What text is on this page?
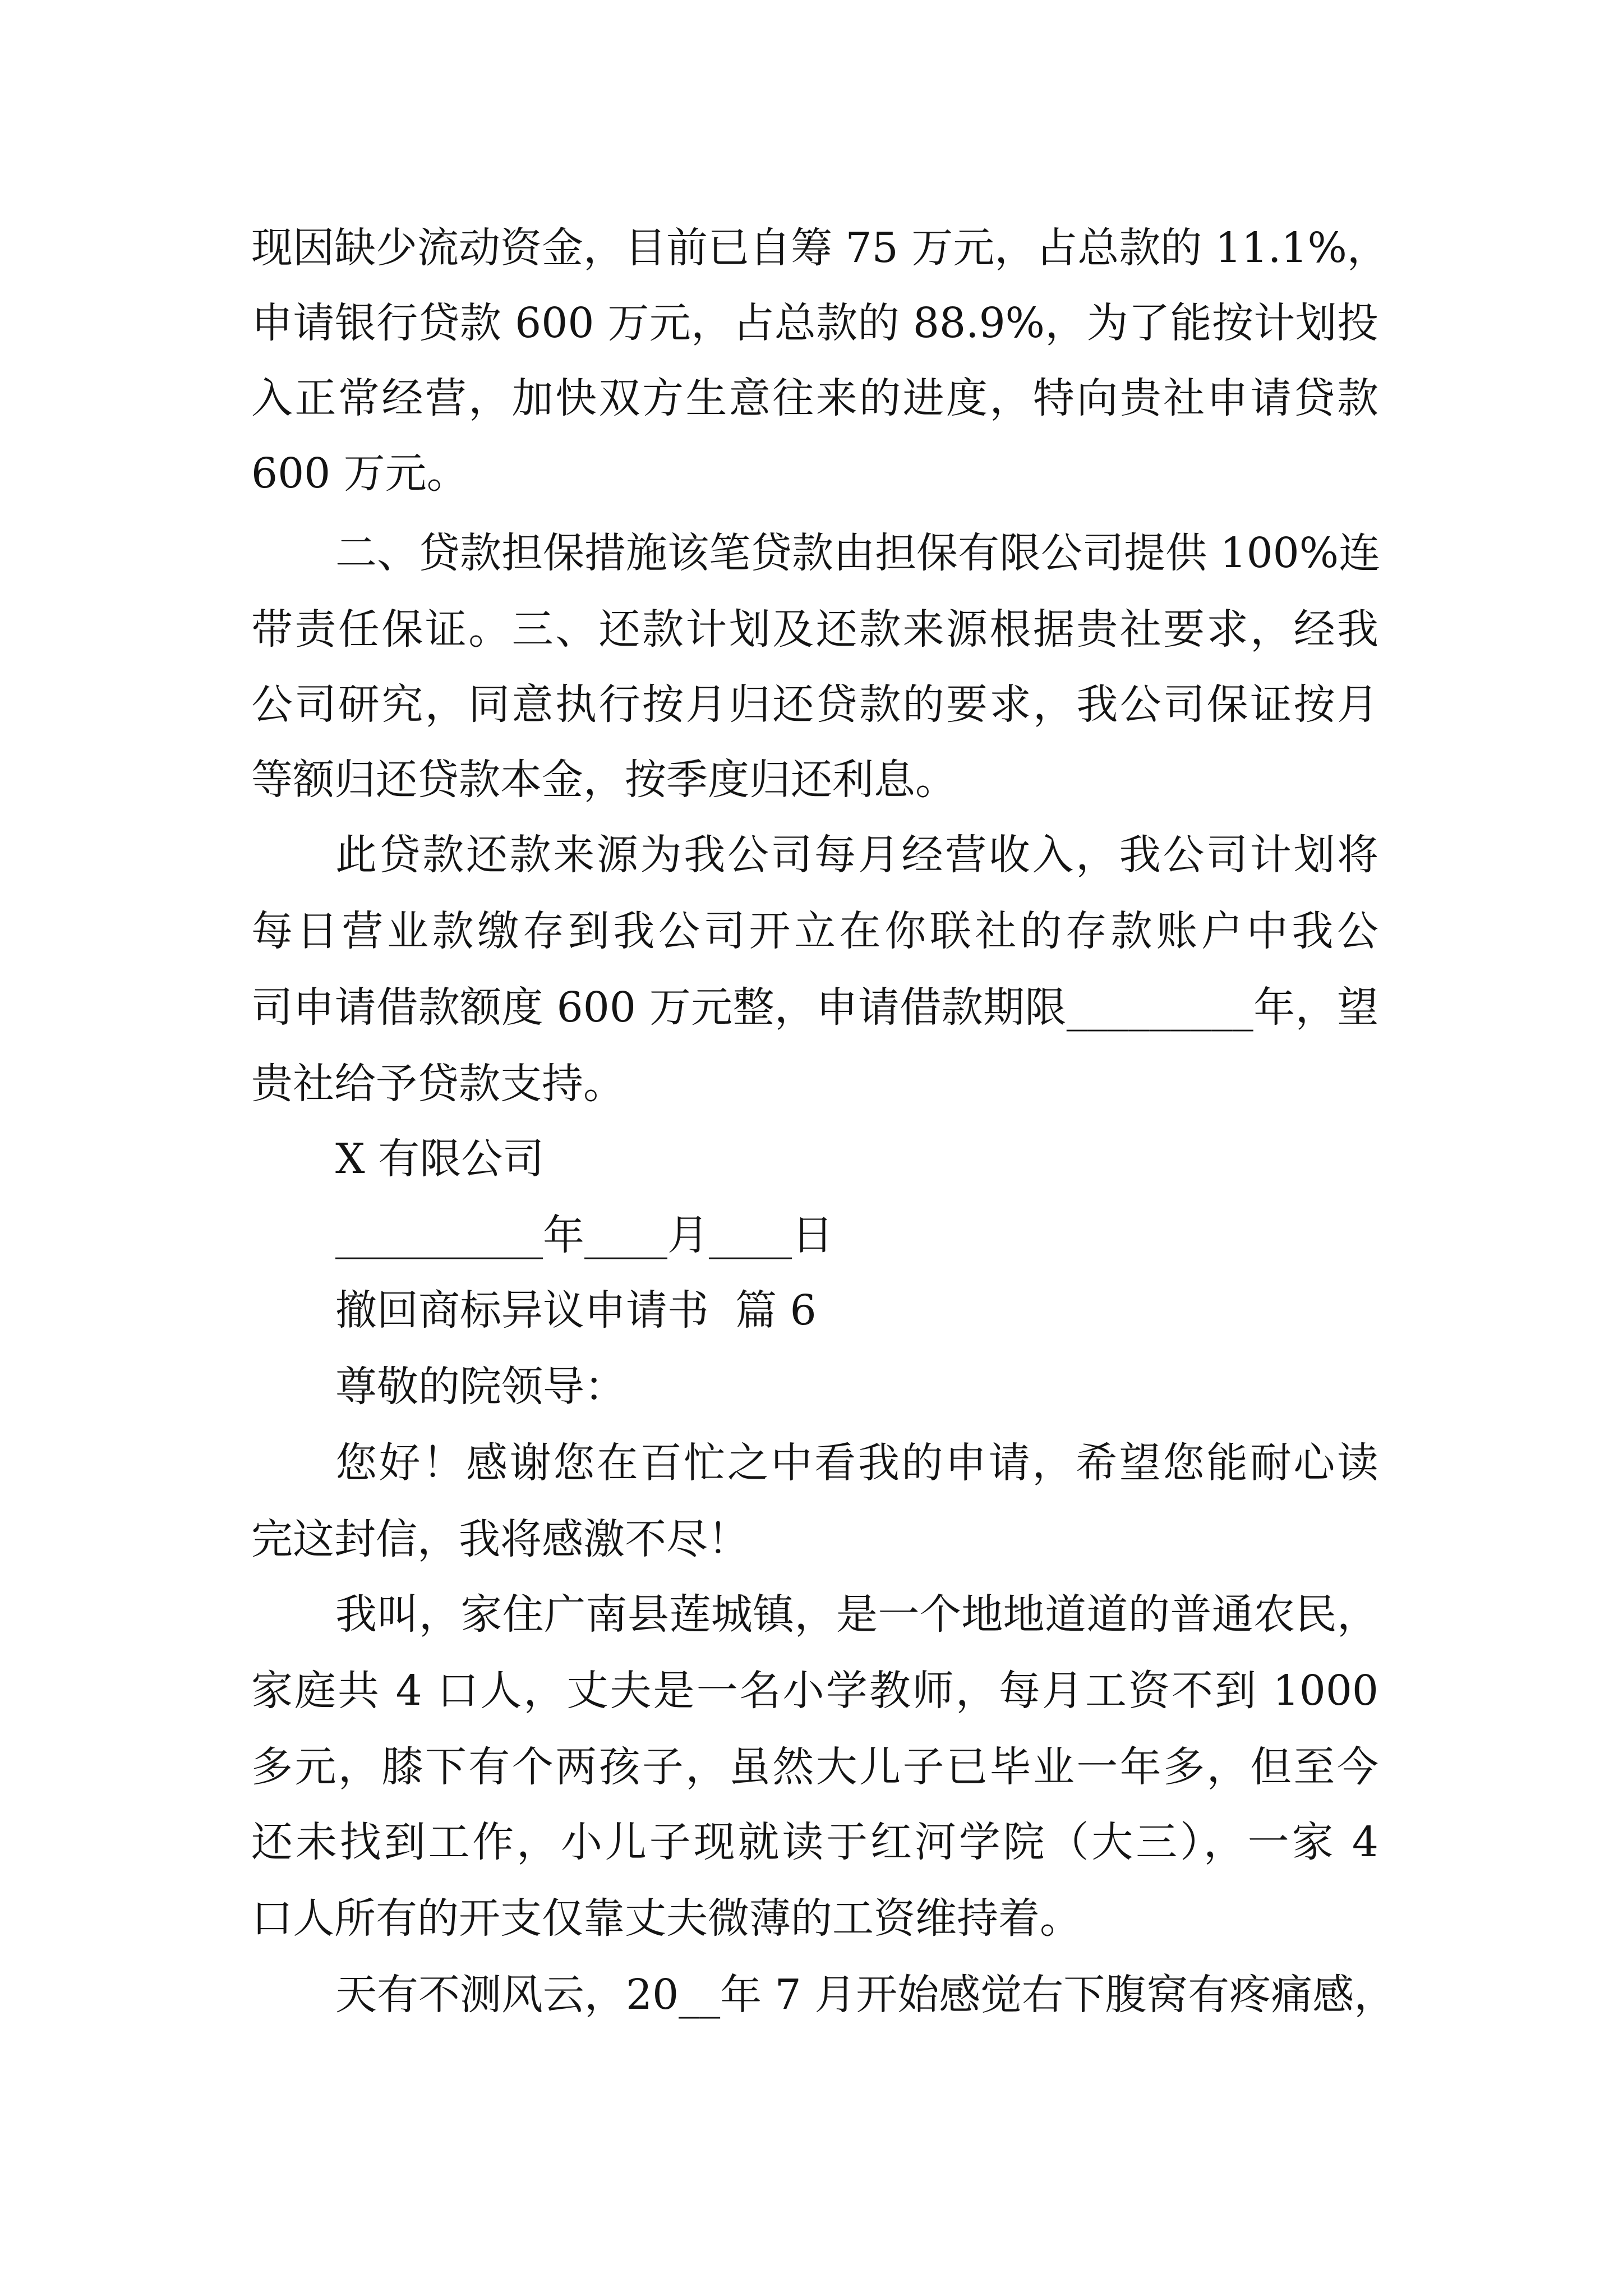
现因缺少流动资金，目前已自筹 75 万元，占总款的 11.1%，

申请银行贷款 600 万元，占总款的 88.9%，为了能按计划投

入正常经营，加快双方生意往来的进度，特向贵社申请贷款

600 万元。

二、贷款担保措施该笔贷款由担保有限公司提供 100%连

带责任保证。三、还款计划及还款来源根据贵社要求，经我

公司研究，同意执行按月归还贷款的要求，我公司保证按月

等额归还贷款本金，按季度归还利息。

此贷款还款来源为我公司每月经营收入，我公司计划将

每日营业款缴存到我公司开立在你联社的存款账户中我公

司申请借款额度 600 万元整，申请借款期限_________年，望

贵社给予贷款支持。

X 有限公司

__________年____月____日

撤回商标异议申请书  篇 6

尊敬的院领导：

您好！感谢您在百忙之中看我的申请，希望您能耐心读

完这封信，我将感激不尽！

我叫，家住广南县莲城镇，是一个地地道道的普通农民，

家庭共 4 口人，丈夫是一名小学教师，每月工资不到 1000

多元，膝下有个两孩子，虽然大儿子已毕业一年多，但至今

还未找到工作，小儿子现就读于红河学院（大三），一家 4

口人所有的开支仅靠丈夫微薄的工资维持着。

天有不测风云，20__年 7 月开始感觉右下腹窝有疼痛感，
